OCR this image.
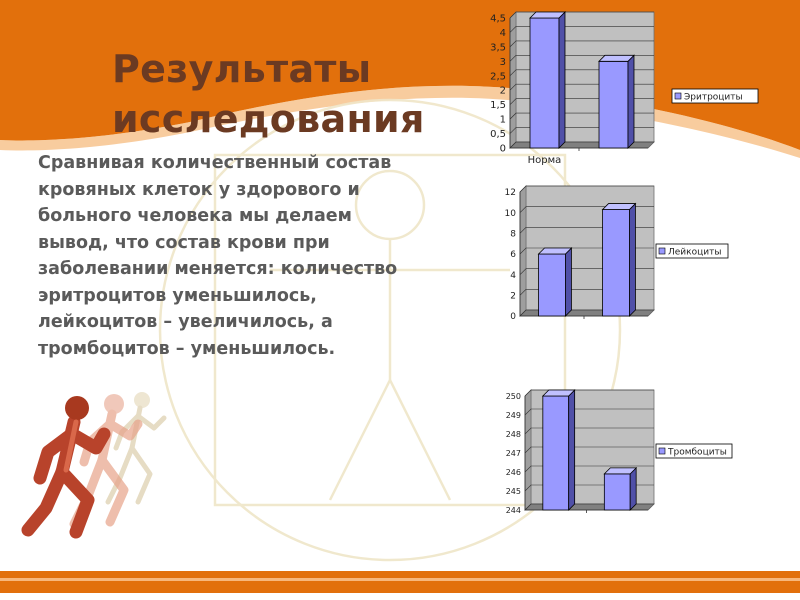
Результаты
исследования

Сравнивая количественный состав
кровяных клеток у здорового и
больного человека мы делаем
вывод, что состав крови при
заболевании меняется: количество
эритроцитов уменьшилось,
лейкоцитов – увеличилось, а
тромбоцитов – уменьшилось.

0
0,5
1
1,5
2
2,5
3
3,5
4
4,5
Норма
Эритроциты
0
2
4
6
8
10
12
Лейкоциты
244
245
246
247
248
249
250
Тромбоциты
